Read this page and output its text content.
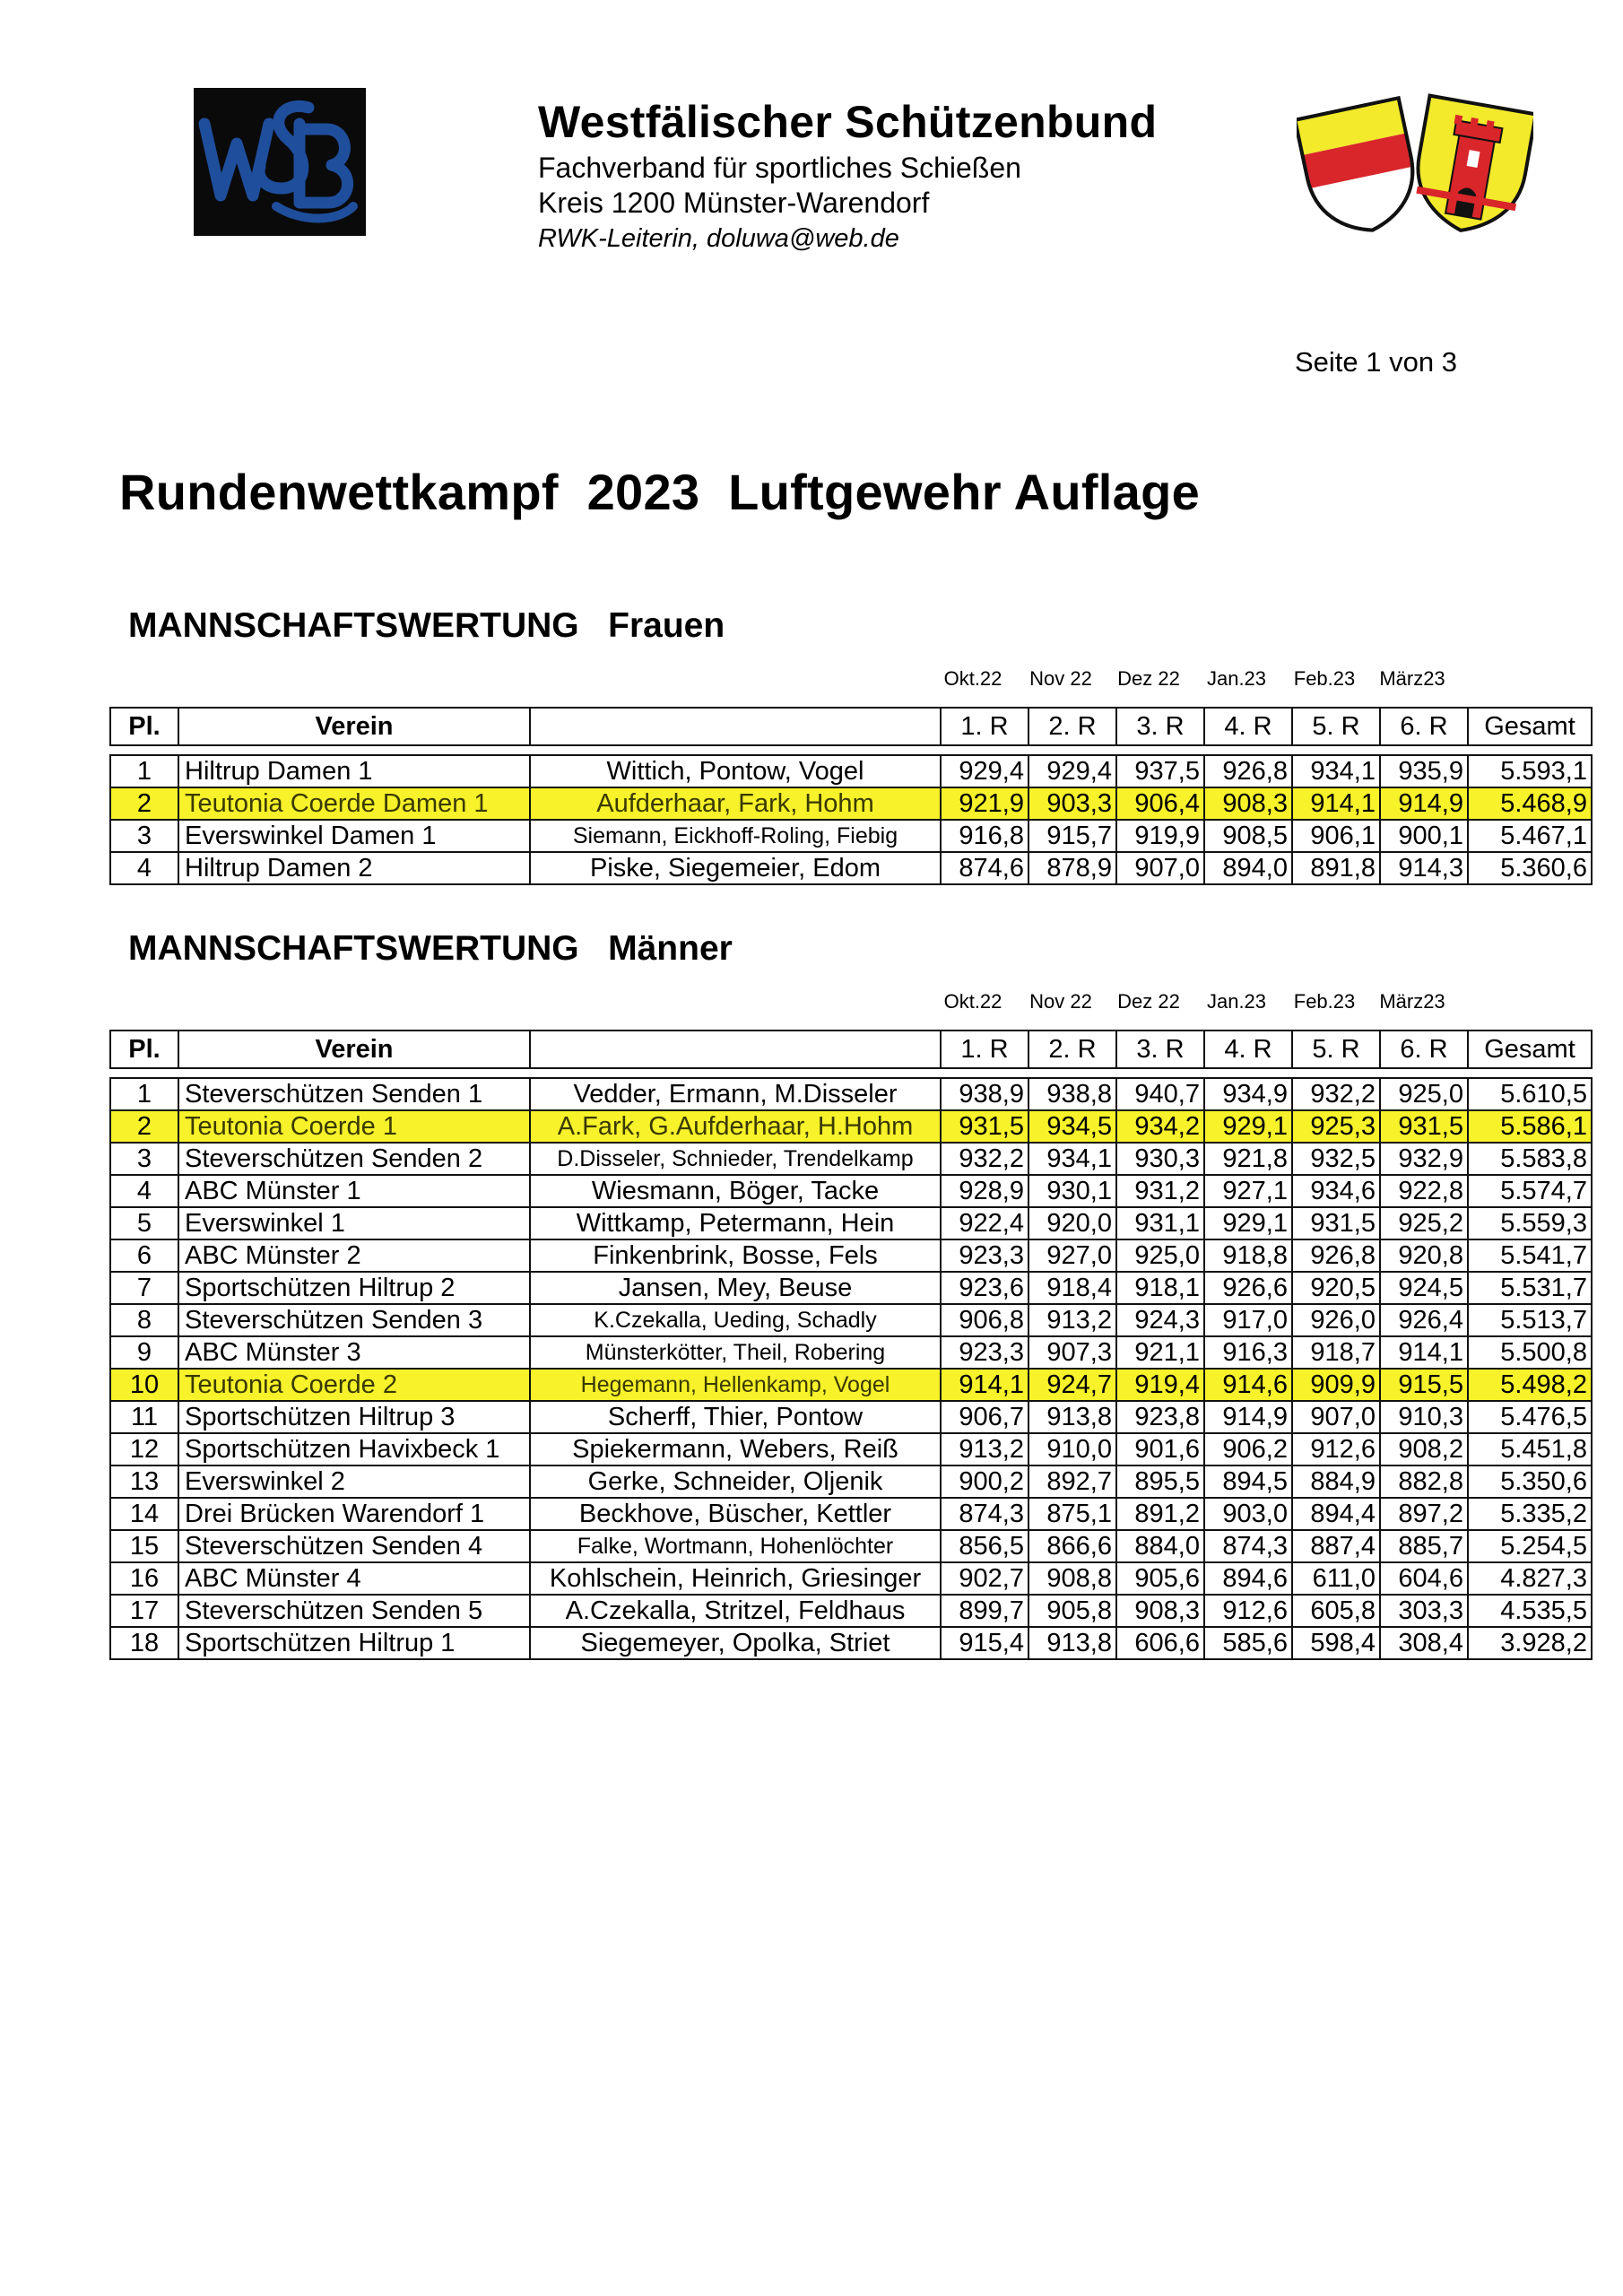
Westfälischer Schützenbund
Fachverband für sportliches Schießen
Kreis 1200 Münster-Warendorf
RWK-Leiterin, doluwa@web.de
Seite 1 von 3
Rundenwettkampf  2023  Luftgewehr Auflage
MANNSCHAFTSWERTUNG   Frauen
Okt.22	Nov 22	Dez 22	Jan.23	Feb.23	März23
Pl.	Verein		1. R	2. R	3. R	4. R	5. R	6. R	Gesamt

1	Hiltrup Damen 1	Wittich, Pontow, Vogel	929,4	929,4	937,5	926,8	934,1	935,9	5.593,1
2	Teutonia Coerde Damen 1	Aufderhaar, Fark, Hohm	921,9	903,3	906,4	908,3	914,1	914,9	5.468,9
3	Everswinkel Damen 1	Siemann, Eickhoff-Roling, Fiebig	916,8	915,7	919,9	908,5	906,1	900,1	5.467,1
4	Hiltrup Damen 2	Piske, Siegemeier, Edom	874,6	878,9	907,0	894,0	891,8	914,3	5.360,6
MANNSCHAFTSWERTUNG   Männer
Okt.22	Nov 22	Dez 22	Jan.23	Feb.23	März23
Pl.	Verein		1. R	2. R	3. R	4. R	5. R	6. R	Gesamt

1	Steverschützen Senden 1	Vedder, Ermann, M.Disseler	938,9	938,8	940,7	934,9	932,2	925,0	5.610,5
2	Teutonia Coerde 1	A.Fark, G.Aufderhaar, H.Hohm	931,5	934,5	934,2	929,1	925,3	931,5	5.586,1
3	Steverschützen Senden 2	D.Disseler, Schnieder, Trendelkamp	932,2	934,1	930,3	921,8	932,5	932,9	5.583,8
4	ABC Münster 1	Wiesmann, Böger, Tacke	928,9	930,1	931,2	927,1	934,6	922,8	5.574,7
5	Everswinkel 1	Wittkamp, Petermann, Hein	922,4	920,0	931,1	929,1	931,5	925,2	5.559,3
6	ABC Münster 2	Finkenbrink, Bosse, Fels	923,3	927,0	925,0	918,8	926,8	920,8	5.541,7
7	Sportschützen Hiltrup 2	Jansen, Mey, Beuse	923,6	918,4	918,1	926,6	920,5	924,5	5.531,7
8	Steverschützen Senden 3	K.Czekalla, Ueding, Schadly	906,8	913,2	924,3	917,0	926,0	926,4	5.513,7
9	ABC Münster 3	Münsterkötter, Theil, Robering	923,3	907,3	921,1	916,3	918,7	914,1	5.500,8
10	Teutonia Coerde 2	Hegemann, Hellenkamp, Vogel	914,1	924,7	919,4	914,6	909,9	915,5	5.498,2
11	Sportschützen Hiltrup 3	Scherff, Thier, Pontow	906,7	913,8	923,8	914,9	907,0	910,3	5.476,5
12	Sportschützen Havixbeck 1	Spiekermann, Webers, Reiß	913,2	910,0	901,6	906,2	912,6	908,2	5.451,8
13	Everswinkel 2	Gerke, Schneider, Oljenik	900,2	892,7	895,5	894,5	884,9	882,8	5.350,6
14	Drei Brücken Warendorf 1	Beckhove, Büscher, Kettler	874,3	875,1	891,2	903,0	894,4	897,2	5.335,2
15	Steverschützen Senden 4	Falke, Wortmann, Hohenlöchter	856,5	866,6	884,0	874,3	887,4	885,7	5.254,5
16	ABC Münster 4	Kohlschein, Heinrich, Griesinger	902,7	908,8	905,6	894,6	611,0	604,6	4.827,3
17	Steverschützen Senden 5	A.Czekalla, Stritzel, Feldhaus	899,7	905,8	908,3	912,6	605,8	303,3	4.535,5
18	Sportschützen Hiltrup 1	Siegemeyer, Opolka, Striet	915,4	913,8	606,6	585,6	598,4	308,4	3.928,2
